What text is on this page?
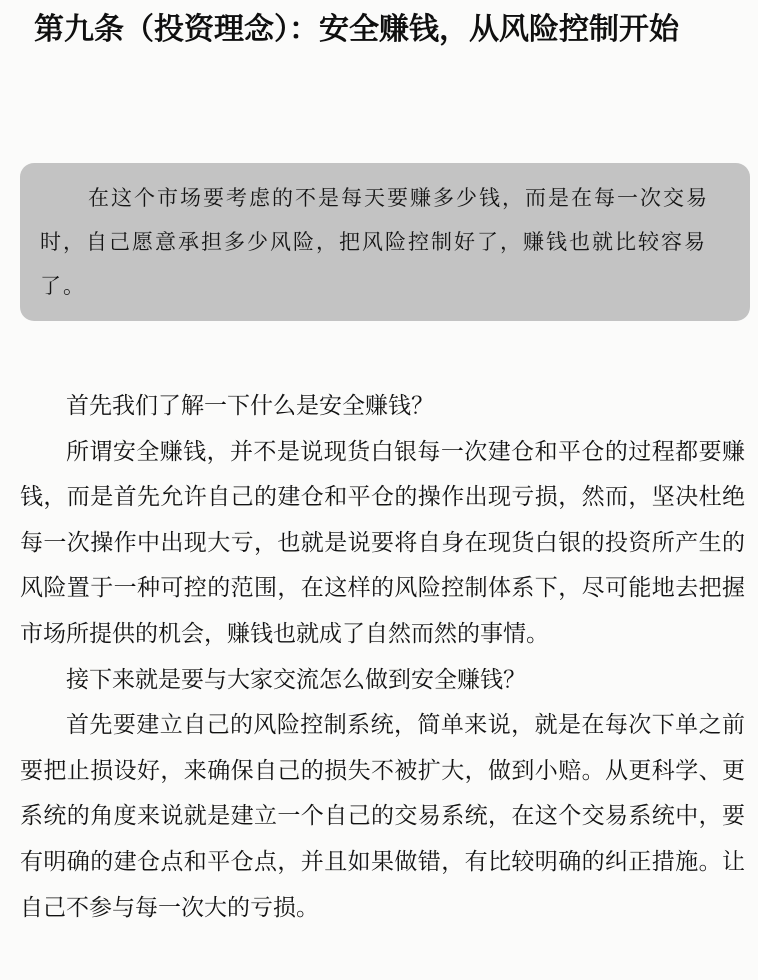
第九条（投资理念）：安全赚钱，从风险控制开始

在这个市场要考虑的不是每天要赚多少钱，而是在每一次交易时，自己愿意承担多少风险，把风险控制好了，赚钱也就比较容易了。

首先我们了解一下什么是安全赚钱？

所谓安全赚钱，并不是说现货白银每一次建仓和平仓的过程都要赚钱，而是首先允许自己的建仓和平仓的操作出现亏损，然而，坚决杜绝每一次操作中出现大亏，也就是说要将自身在现货白银的投资所产生的风险置于一种可控的范围，在这样的风险控制体系下，尽可能地去把握市场所提供的机会，赚钱也就成了自然而然的事情。

接下来就是要与大家交流怎么做到安全赚钱？

首先要建立自己的风险控制系统，简单来说，就是在每次下单之前要把止损设好，来确保自己的损失不被扩大，做到小赔。从更科学、更系统的角度来说就是建立一个自己的交易系统，在这个交易系统中，要有明确的建仓点和平仓点，并且如果做错，有比较明确的纠正措施。让自己不参与每一次大的亏损。
